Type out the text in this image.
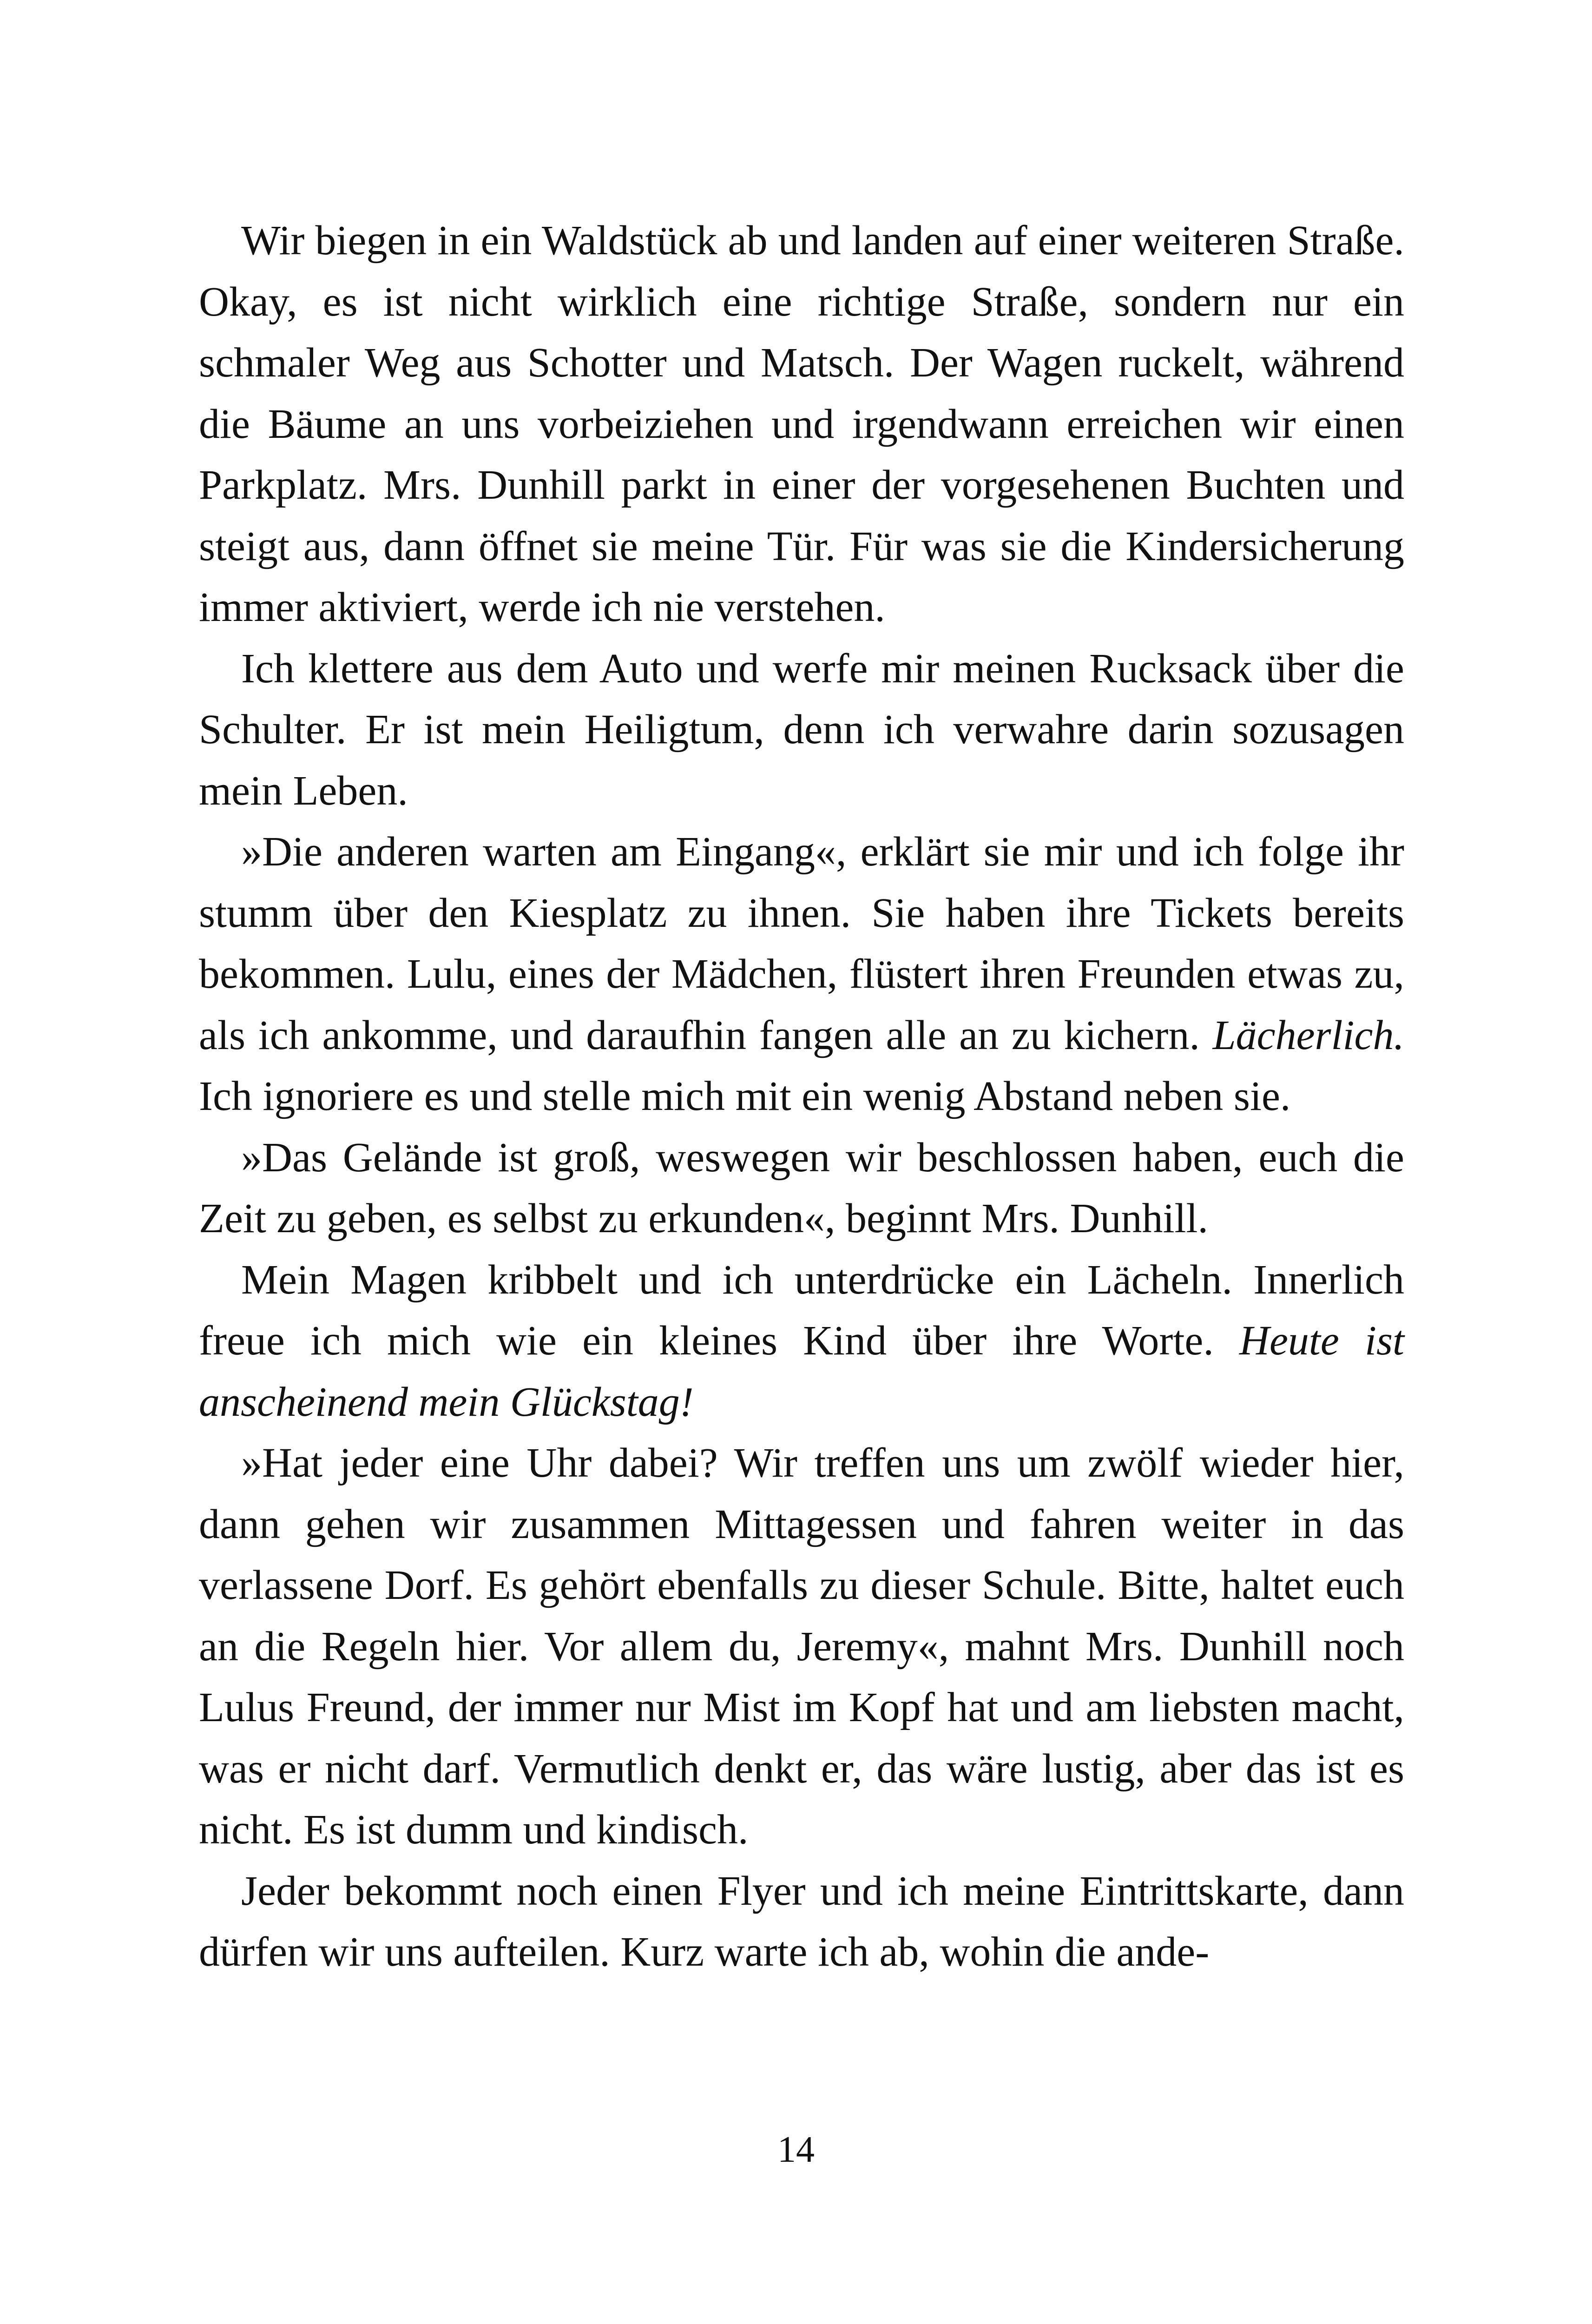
Wir biegen in ein Waldstück ab und landen auf einer weiteren Straße. Okay, es ist nicht wirklich eine richtige Straße, sondern nur ein schmaler Weg aus Schotter und Matsch. Der Wagen ruckelt, während die Bäume an uns vorbeiziehen und irgendwann erreichen wir einen Parkplatz. Mrs. Dunhill parkt in einer der vorgesehenen Buchten und steigt aus, dann öffnet sie meine Tür. Für was sie die Kindersicherung immer aktiviert, werde ich nie verstehen.

Ich klettere aus dem Auto und werfe mir meinen Rucksack über die Schulter. Er ist mein Heiligtum, denn ich verwahre darin sozusagen mein Leben.

»Die anderen warten am Eingang«, erklärt sie mir und ich folge ihr stumm über den Kiesplatz zu ihnen. Sie haben ihre Tickets bereits bekommen. Lulu, eines der Mädchen, flüstert ihren Freunden etwas zu, als ich ankomme, und daraufhin fangen alle an zu kichern. Lächerlich. Ich ignoriere es und stelle mich mit ein wenig Abstand neben sie.

»Das Gelände ist groß, weswegen wir beschlossen haben, euch die Zeit zu geben, es selbst zu erkunden«, beginnt Mrs. Dunhill.

Mein Magen kribbelt und ich unterdrücke ein Lächeln. Innerlich freue ich mich wie ein kleines Kind über ihre Worte. Heute ist anscheinend mein Glückstag!

»Hat jeder eine Uhr dabei? Wir treffen uns um zwölf wieder hier, dann gehen wir zusammen Mittagessen und fahren weiter in das verlassene Dorf. Es gehört ebenfalls zu dieser Schule. Bitte, haltet euch an die Regeln hier. Vor allem du, Jeremy«, mahnt Mrs. Dunhill noch Lulus Freund, der immer nur Mist im Kopf hat und am liebsten macht, was er nicht darf. Vermutlich denkt er, das wäre lustig, aber das ist es nicht. Es ist dumm und kindisch.

Jeder bekommt noch einen Flyer und ich meine Eintrittskarte, dann dürfen wir uns aufteilen. Kurz warte ich ab, wohin die ande-

14
